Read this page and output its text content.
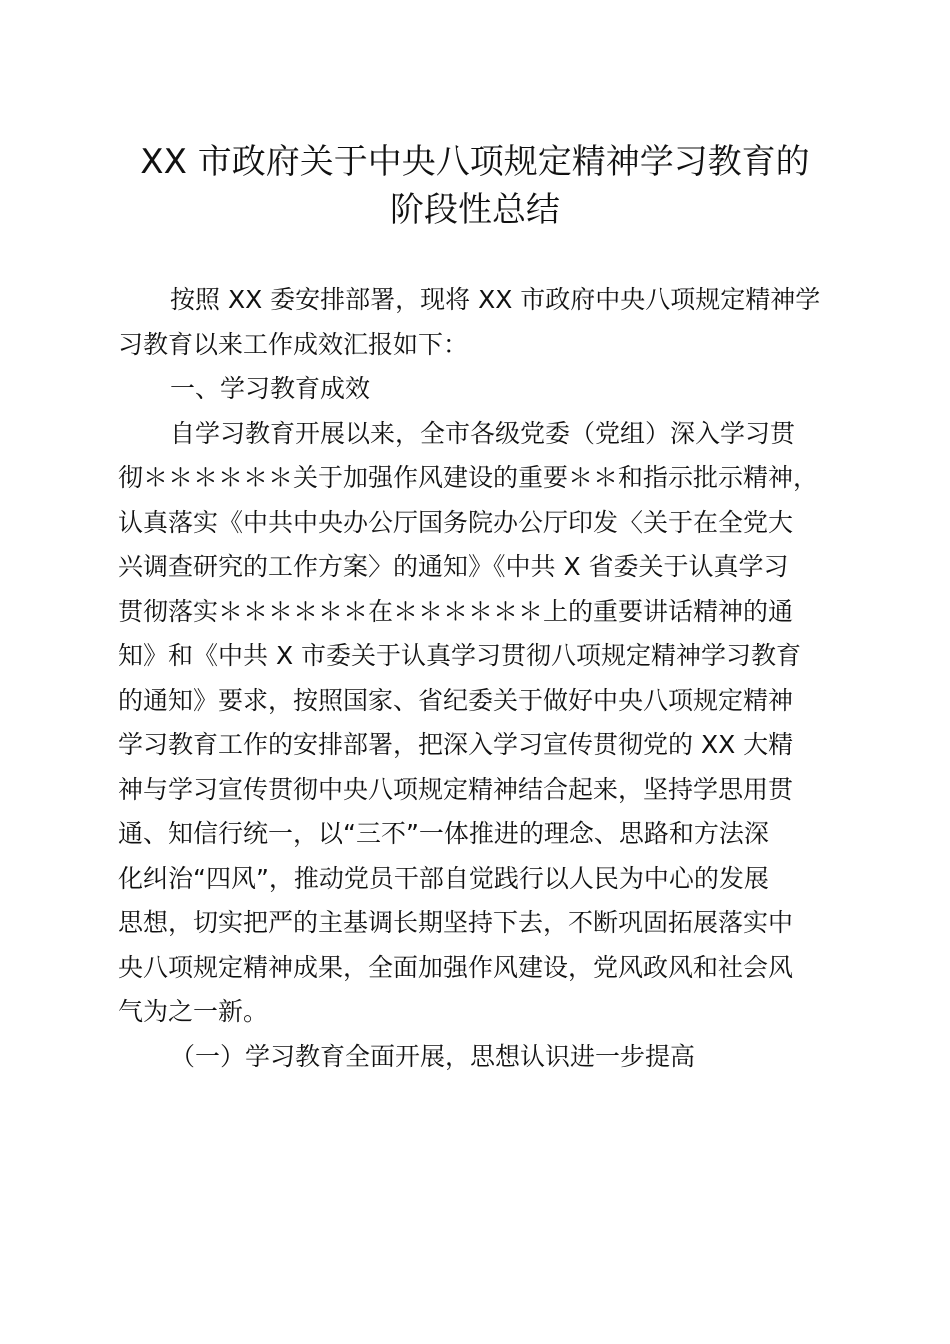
XX 市政府关于中央八项规定精神学习教育的
阶段性总结
按照 XX 委安排部署，现将 XX 市政府中央八项规定精神学
习教育以来工作成效汇报如下：
一、学习教育成效
自学习教育开展以来，全市各级党委（党组）深入学习贯
彻＊＊＊＊＊＊关于加强作风建设的重要＊＊和指示批示精神，
认真落实《中共中央办公厅国务院办公厅印发〈关于在全党大
兴调查研究的工作方案〉的通知》《中共 X 省委关于认真学习
贯彻落实＊＊＊＊＊＊在＊＊＊＊＊＊上的重要讲话精神的通
知》和《中共 X 市委关于认真学习贯彻八项规定精神学习教育
的通知》要求，按照国家、省纪委关于做好中央八项规定精神
学习教育工作的安排部署，把深入学习宣传贯彻党的 XX 大精
神与学习宣传贯彻中央八项规定精神结合起来，坚持学思用贯
通、知信行统一，以“三不”一体推进的理念、思路和方法深
化纠治“四风”，推动党员干部自觉践行以人民为中心的发展
思想，切实把严的主基调长期坚持下去，不断巩固拓展落实中
央八项规定精神成果，全面加强作风建设，党风政风和社会风
气为之一新。
（一）学习教育全面开展，思想认识进一步提高
